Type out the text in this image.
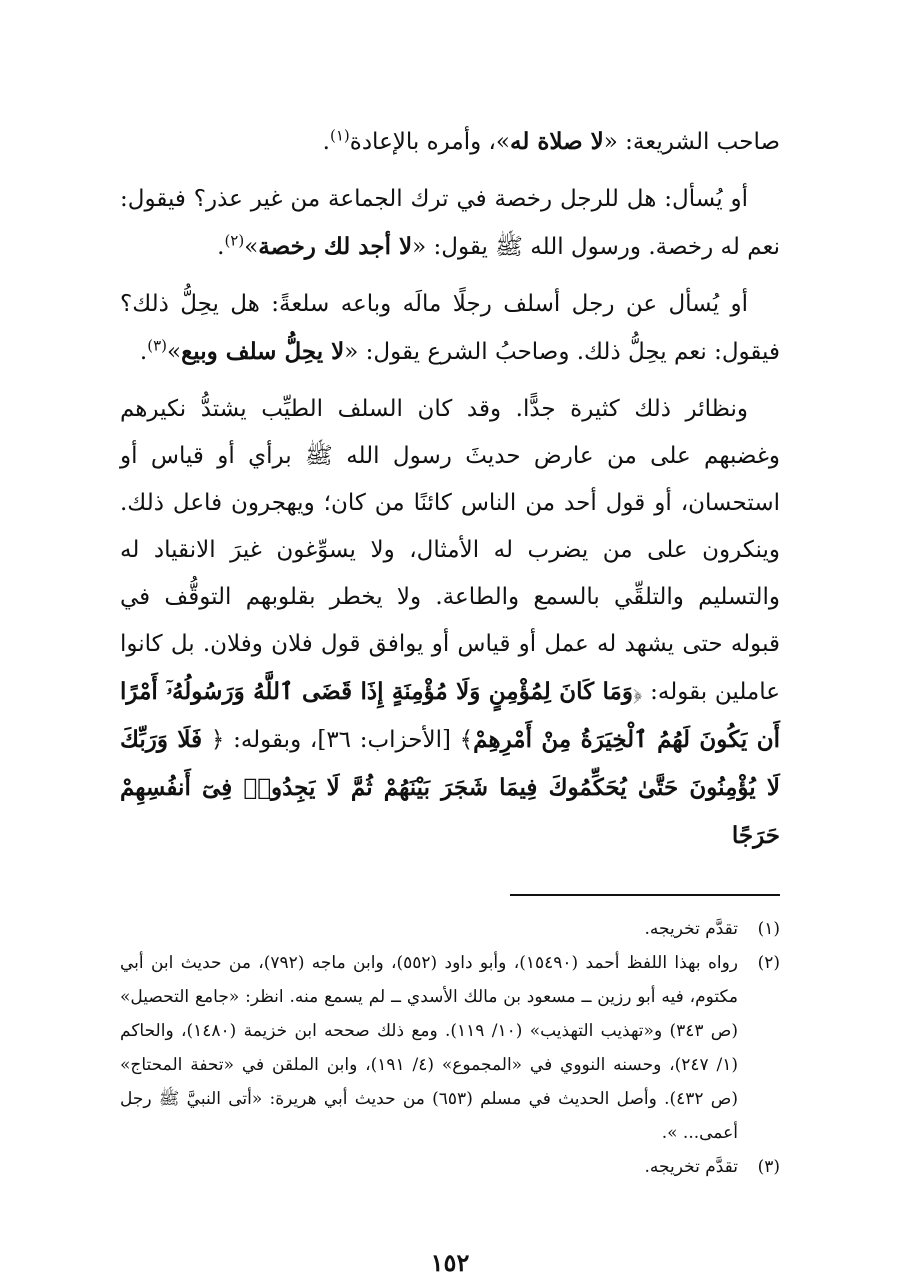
صاحب الشريعة: «لا صلاة له»، وأمره بالإعادة$^{(١)}$.

أو يُسأل: هل للرجل رخصة في ترك الجماعة من غير عذر؟ فيقول: نعم له رخصة. ورسول الله ﷺ يقول: «لا أجد لك رخصة»$^{(٢)}$.

أو يُسأل عن رجل أسلف رجلًا مالَه وباعه سلعةً: هل يحِلُّ ذلك؟ فيقول: نعم يحِلُّ ذلك. وصاحبُ الشرع يقول: «لا يحِلُّ سلف وبيع»$^{(٣)}$.

ونظائر ذلك كثيرة جدًّا. وقد كان السلف الطيِّب يشتدُّ نكيرهم وغضبهم على من عارض حديثَ رسول الله ﷺ برأي أو قياس أو استحسان، أو قول أحد من الناس كائنًا من كان؛ ويهجرون فاعل ذلك. وينكرون على من يضرب له الأمثال، ولا يسوِّغون غيرَ الانقياد له والتسليم والتلقِّي بالسمع والطاعة. ولا يخطر بقلوبهم التوقُّف في قبوله حتى يشهد له عمل أو قياس أو يوافق قول فلان وفلان. بل كانوا عاملين بقوله: ﴿وَمَا كَانَ لِمُؤْمِنٍ وَلَا مُؤْمِنَةٍ إِذَا قَضَى ٱللَّهُ وَرَسُولُهُۥٓ أَمْرًا أَن يَكُونَ لَهُمُ ٱلْخِيَرَةُ مِنْ أَمْرِهِمْ﴾ [الأحزاب: ٣٦]، وبقوله: ﴿ فَلَا وَرَبِّكَ لَا يُؤْمِنُونَ حَتَّىٰ يُحَكِّمُوكَ فِيمَا شَجَرَ بَيْنَهُمْ ثُمَّ لَا يَجِدُوا۟ فِىٓ أَنفُسِهِمْ حَرَجًا

(١)
تقدَّم تخريجه.
(٢)
رواه بهذا اللفظ أحمد (١٥٤٩٠)، وأبو داود (٥٥٢)، وابن ماجه (٧٩٢)، من حديث ابن أبي مكتوم، فيه أبو رزين ــ مسعود بن مالك الأسدي ــ لم يسمع منه. انظر: «جامع التحصيل» (ص ٣٤٣) و«تهذيب التهذيب» (١٠/ ١١٩). ومع ذلك صححه ابن خزيمة (١٤٨٠)، والحاكم (١/ ٢٤٧)، وحسنه النووي في «المجموع» (٤/ ١٩١)، وابن الملقن في «تحفة المحتاج» (ص ٤٣٢). وأصل الحديث في مسلم (٦٥٣) من حديث أبي هريرة: «أتى النبيَّ ﷺ رجل أعمى... ».
(٣)
تقدَّم تخريجه.
١٥٢
